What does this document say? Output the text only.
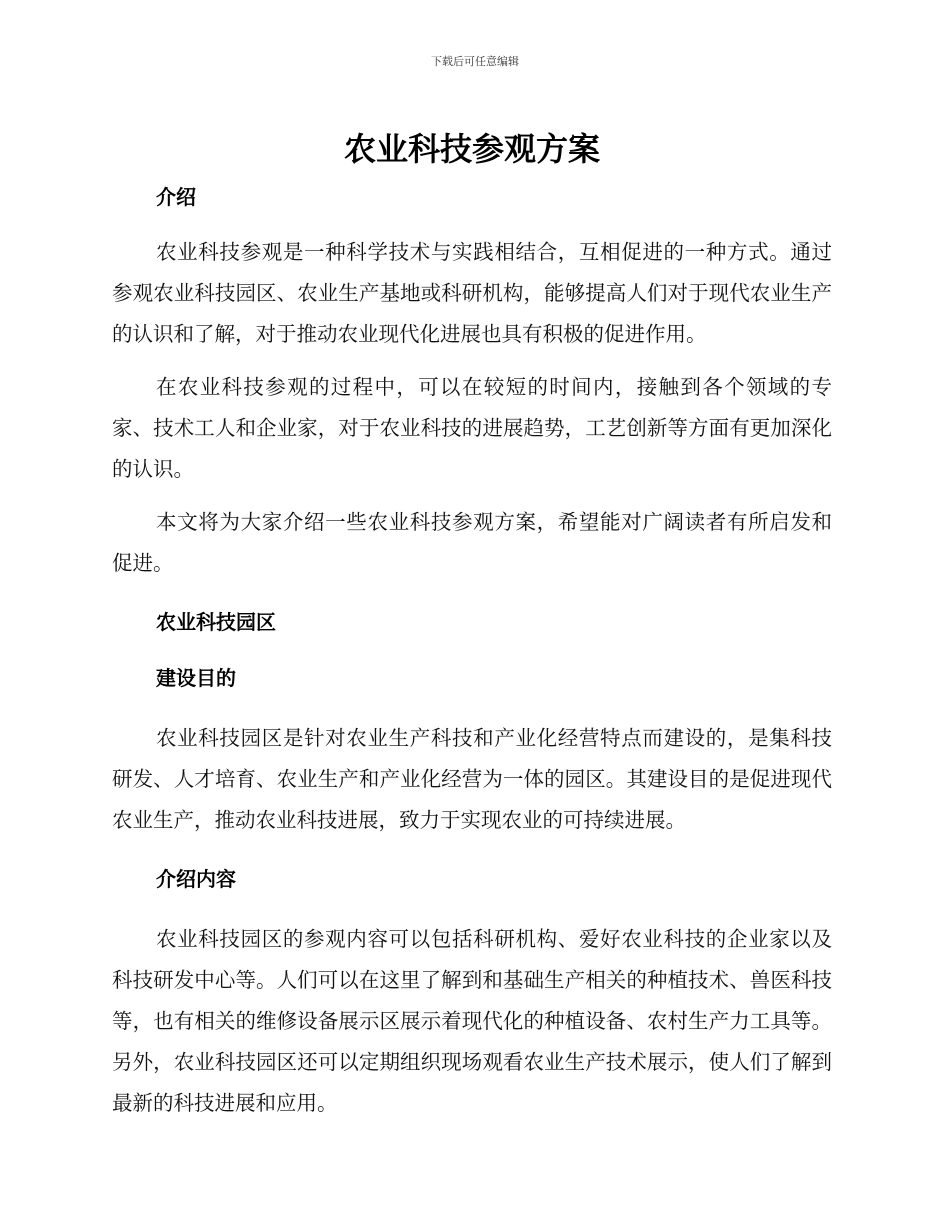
下载后可任意编辑
农业科技参观方案
介绍

农业科技参观是一种科学技术与实践相结合，互相促进的一种方式。通过参观农业科技园区、农业生产基地或科研机构，能够提高人们对于现代农业生产的认识和了解，对于推动农业现代化进展也具有积极的促进作用。

在农业科技参观的过程中，可以在较短的时间内，接触到各个领域的专家、技术工人和企业家，对于农业科技的进展趋势，工艺创新等方面有更加深化的认识。

本文将为大家介绍一些农业科技参观方案，希望能对广阔读者有所启发和促进。

农业科技园区
建设目的

农业科技园区是针对农业生产科技和产业化经营特点而建设的，是集科技研发、人才培育、农业生产和产业化经营为一体的园区。其建设目的是促进现代农业生产，推动农业科技进展，致力于实现农业的可持续进展。

介绍内容

农业科技园区的参观内容可以包括科研机构、爱好农业科技的企业家以及科技研发中心等。人们可以在这里了解到和基础生产相关的种植技术、兽医科技等，也有相关的维修设备展示区展示着现代化的种植设备、农村生产力工具等。另外，农业科技园区还可以定期组织现场观看农业生产技术展示，使人们了解到最新的科技进展和应用。
